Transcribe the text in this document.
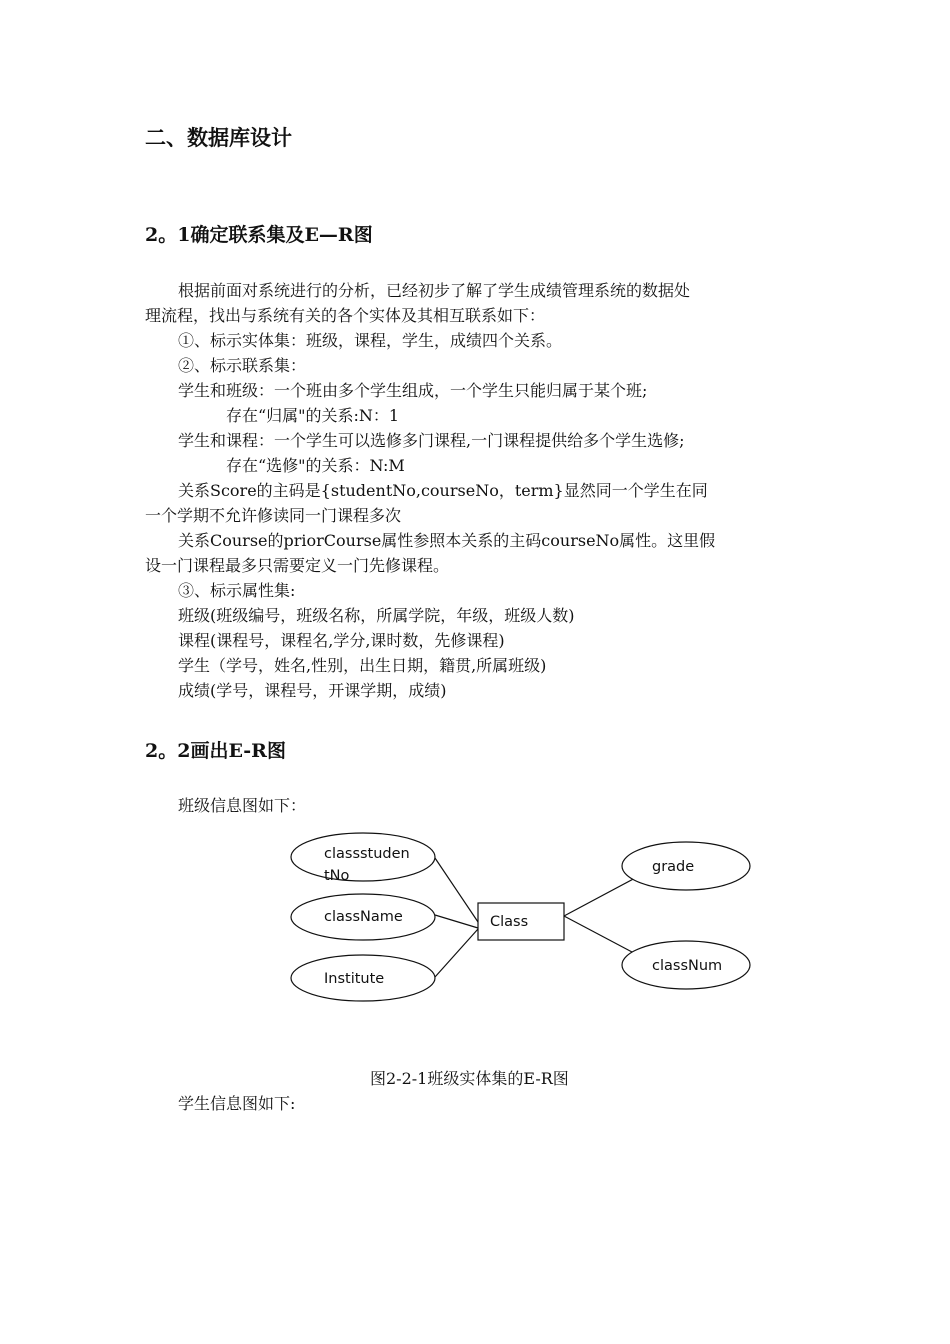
二、数据库设计
2。1确定联系集及E—R图
根据前面对系统进行的分析，已经初步了解了学生成绩管理系统的数据处
理流程，找出与系统有关的各个实体及其相互联系如下：
①、标示实体集：班级，课程，学生，成绩四个关系。
②、标示联系集：
学生和班级：一个班由多个学生组成，一个学生只能归属于某个班;
存在“归属"的关系:N：1
学生和课程：一个学生可以选修多门课程,一门课程提供给多个学生选修;
存在“选修"的关系：N:M
关系Score的主码是{studentNo,courseNo，term}显然同一个学生在同
一个学期不允许修读同一门课程多次
关系Course的priorCourse属性参照本关系的主码courseNo属性。这里假
设一门课程最多只需要定义一门先修课程。
③、标示属性集:
班级(班级编号，班级名称，所属学院，年级，班级人数)
课程(课程号，课程名,学分,课时数，先修课程)
学生（学号，姓名,性别，出生日期，籍贯,所属班级)
成绩(学号，课程号，开课学期，成绩)
2。2画出E-R图
班级信息图如下：
classstuden
tNo
className
Institute
grade
classNum
Class
图2-2-1班级实体集的E-R图
学生信息图如下:
